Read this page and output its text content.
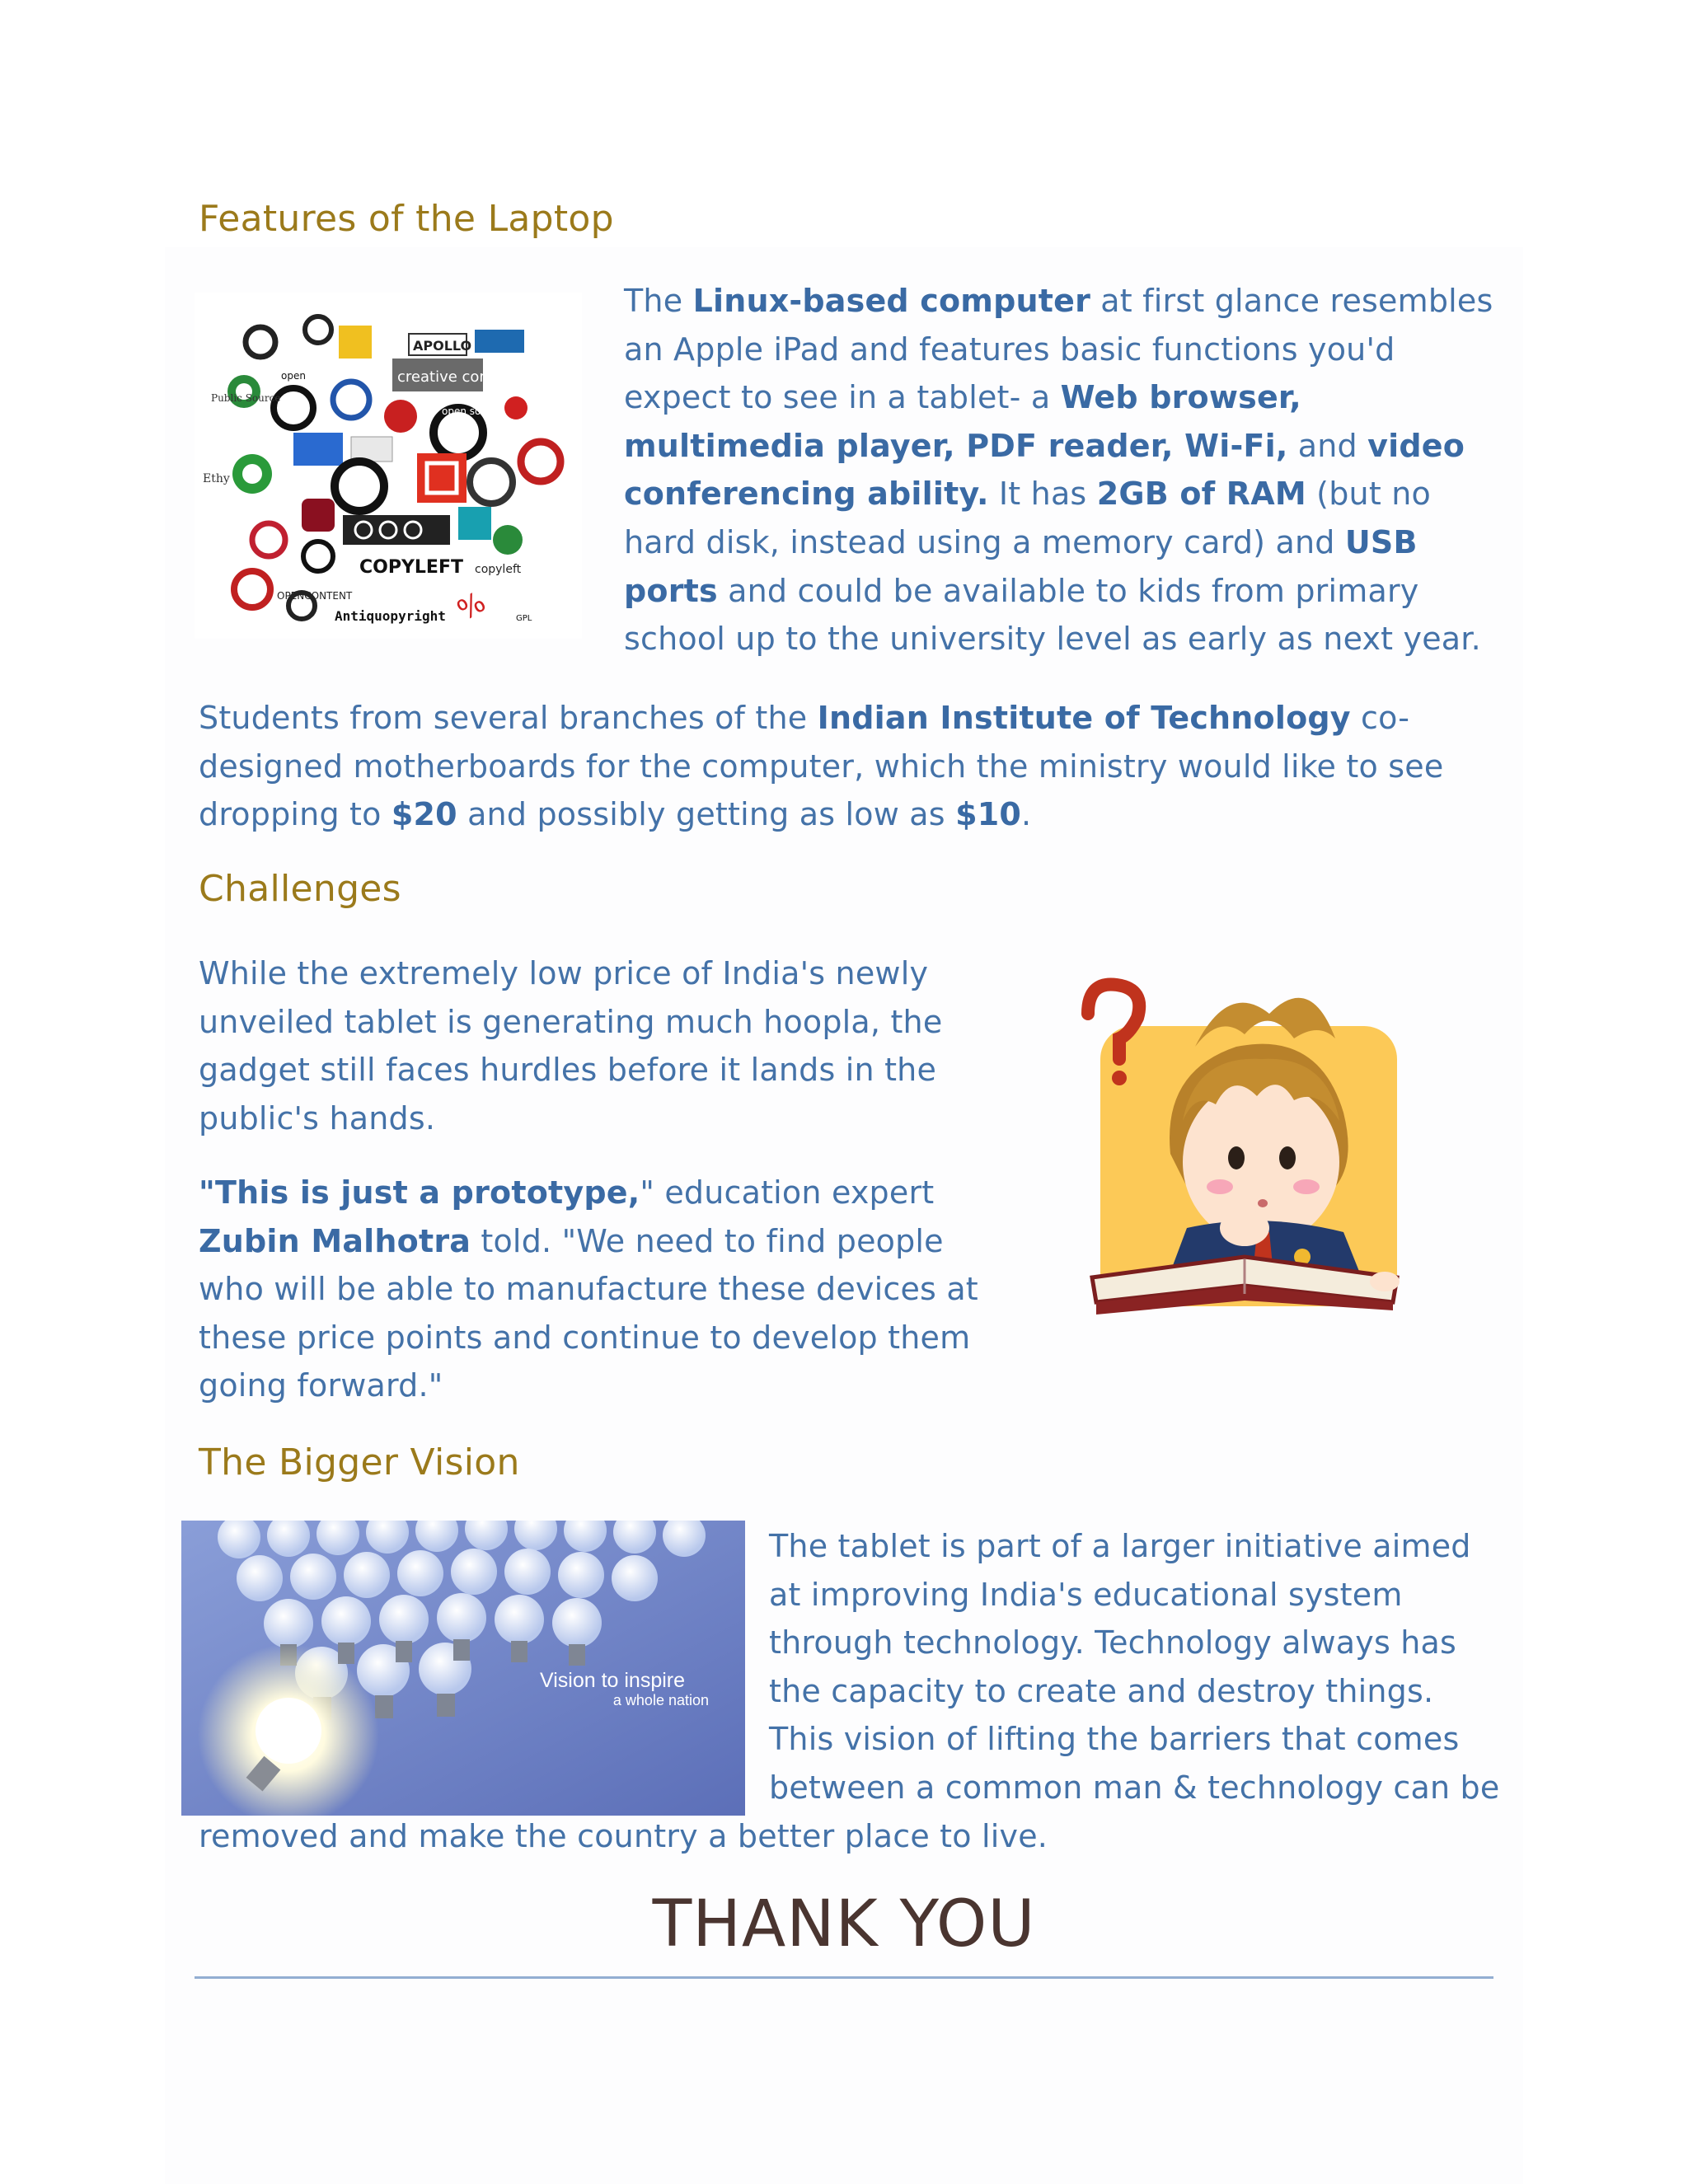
Features of the Laptop
APOLLO
creative commons
COPYLEFT
OPENCONTENT
Antiquopyright
copyleft
%
Ethy
Public Source
open source
open
GPL
The Linux-based computer at first glance resembles an Apple iPad and features basic functions you'd expect to see in a tablet- a Web browser, multimedia player, PDF reader, Wi-Fi, and video conferencing ability. It has 2GB of RAM (but no hard disk, instead using a memory card) and USB ports and could be available to kids from primary school up to the university level as early as next year.
Students from several branches of the Indian Institute of Technology co-designed motherboards for the computer, which the ministry would like to see dropping to $20 and possibly getting as low as $10.
Challenges
While the extremely low price of India's newly unveiled tablet is generating much hoopla, the gadget still faces hurdles before it lands in the public's hands.
"This is just a prototype," education expert Zubin Malhotra told. "We need to find people who will be able to manufacture these devices at these price points and continue to develop them going forward."
The Bigger Vision
Vision to inspire
a whole nation
The tablet is part of a larger initiative aimed at improving India's educational system through technology. Technology always has the capacity to create and destroy things. This vision of lifting the barriers that comes between a common man & technology can be removed and make the country a better place to live.
THANK YOU
